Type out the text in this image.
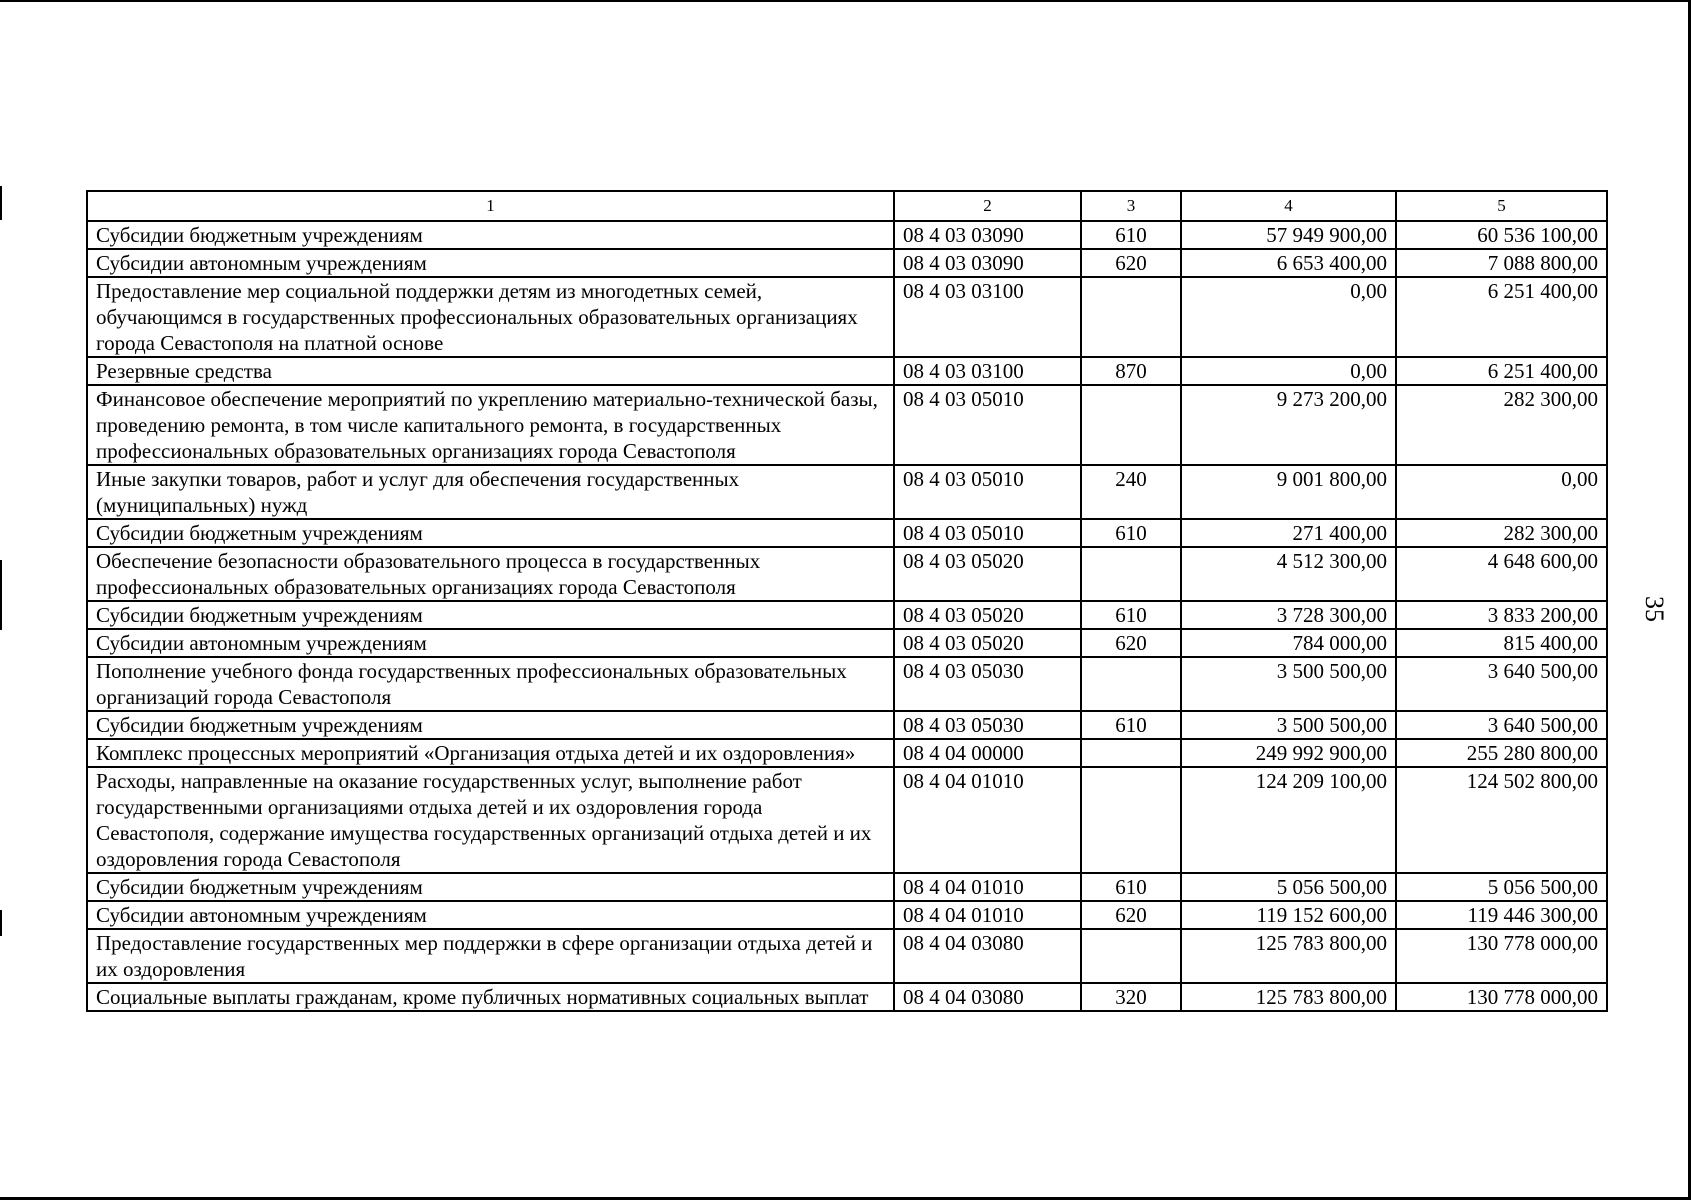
35
1	2	3	4	5
Субсидии бюджетным учреждениям	08 4 03 03090	610	57 949 900,00	60 536 100,00
Субсидии автономным учреждениям	08 4 03 03090	620	6 653 400,00	7 088 800,00
Предоставление мер социальной поддержки детям из многодетных семей, обучающимся в государственных профессиональных образовательных организациях города Севастополя на платной основе	08 4 03 03100		0,00	6 251 400,00
Резервные средства	08 4 03 03100	870	0,00	6 251 400,00
Финансовое обеспечение мероприятий по укреплению материально-технической базы, проведению ремонта, в том числе капитального ремонта, в государственных профессиональных образовательных организациях города Севастополя	08 4 03 05010		9 273 200,00	282 300,00
Иные закупки товаров, работ и услуг для обеспечения государственных (муниципальных) нужд	08 4 03 05010	240	9 001 800,00	0,00
Субсидии бюджетным учреждениям	08 4 03 05010	610	271 400,00	282 300,00
Обеспечение безопасности образовательного процесса в государственных профессиональных образовательных организациях города Севастополя	08 4 03 05020		4 512 300,00	4 648 600,00
Субсидии бюджетным учреждениям	08 4 03 05020	610	3 728 300,00	3 833 200,00
Субсидии автономным учреждениям	08 4 03 05020	620	784 000,00	815 400,00
Пополнение учебного фонда государственных профессиональных образовательных организаций города Севастополя	08 4 03 05030		3 500 500,00	3 640 500,00
Субсидии бюджетным учреждениям	08 4 03 05030	610	3 500 500,00	3 640 500,00
Комплекс процессных мероприятий «Организация отдыха детей и их оздоровления»	08 4 04 00000		249 992 900,00	255 280 800,00
Расходы, направленные на оказание государственных услуг, выполнение работ государственными организациями отдыха детей и их оздоровления города Севастополя, содержание имущества государственных организаций отдыха детей и их оздоровления города Севастополя	08 4 04 01010		124 209 100,00	124 502 800,00
Субсидии бюджетным учреждениям	08 4 04 01010	610	5 056 500,00	5 056 500,00
Субсидии автономным учреждениям	08 4 04 01010	620	119 152 600,00	119 446 300,00
Предоставление государственных мер поддержки в сфере организации отдыха детей и их оздоровления	08 4 04 03080		125 783 800,00	130 778 000,00
Социальные выплаты гражданам, кроме публичных нормативных социальных выплат	08 4 04 03080	320	125 783 800,00	130 778 000,00
